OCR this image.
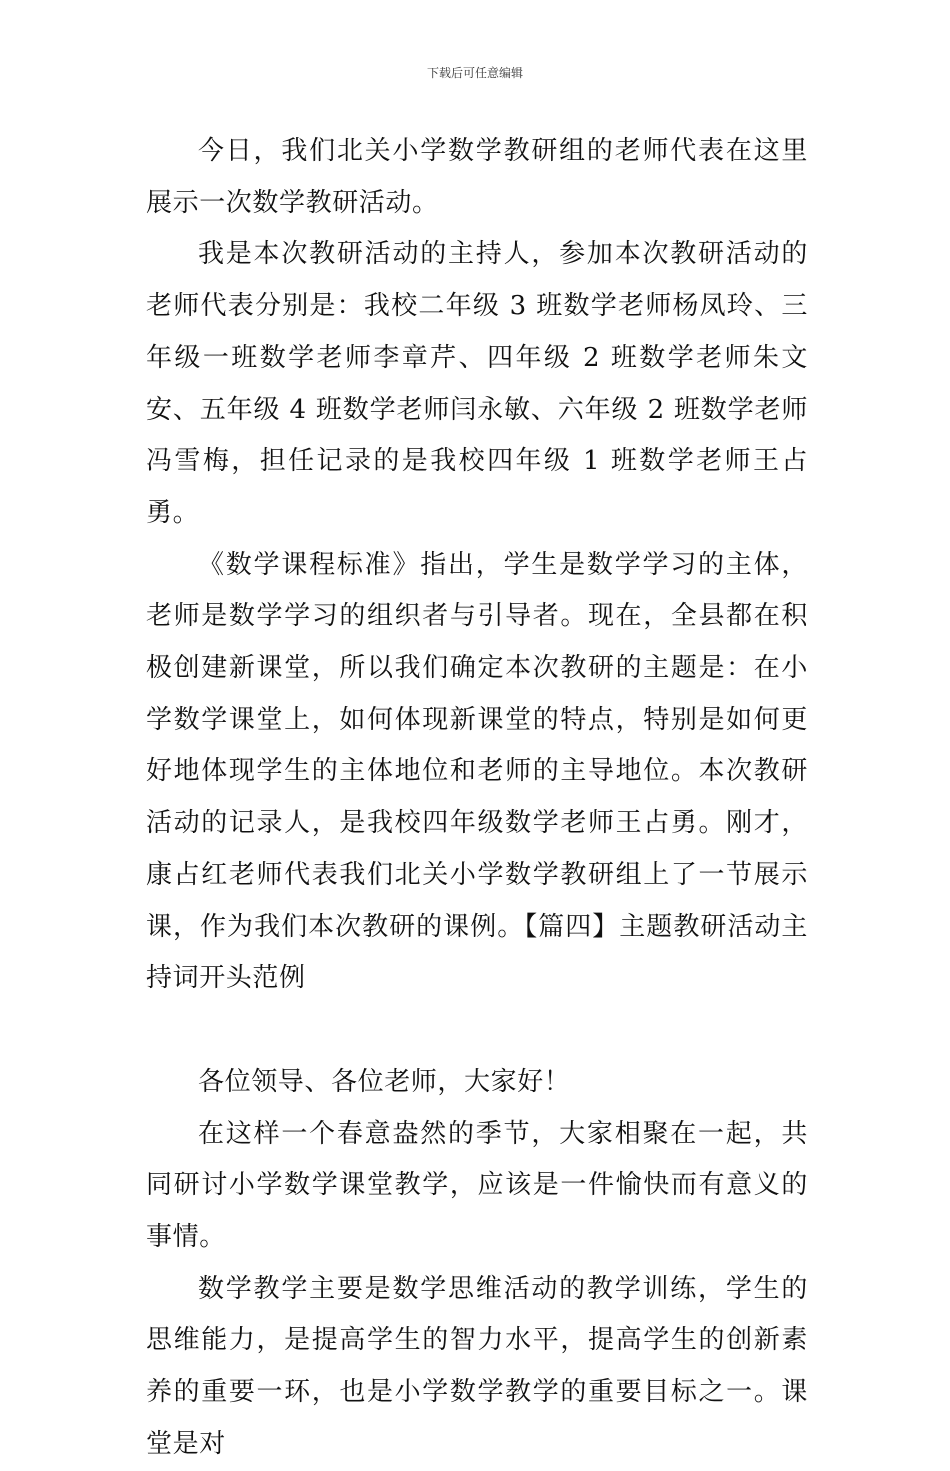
下载后可任意编辑

今日，我们北关小学数学教研组的老师代表在这里展示一次数学教研活动。

我是本次教研活动的主持人，参加本次教研活动的老师代表分别是：我校二年级 3 班数学老师杨凤玲、三年级一班数学老师李章芹、四年级 2 班数学老师朱文安、五年级 4 班数学老师闫永敏、六年级 2 班数学老师冯雪梅，担任记录的是我校四年级 1 班数学老师王占勇。

《数学课程标准》指出，学生是数学学习的主体，老师是数学学习的组织者与引导者。现在，全县都在积极创建新课堂，所以我们确定本次教研的主题是：在小学数学课堂上，如何体现新课堂的特点，特别是如何更好地体现学生的主体地位和老师的主导地位。本次教研活动的记录人，是我校四年级数学老师王占勇。刚才，康占红老师代表我们北关小学数学教研组上了一节展示课，作为我们本次教研的课例。【篇四】主题教研活动主持词开头范例

各位领导、各位老师，大家好！

在这样一个春意盎然的季节，大家相聚在一起，共同研讨小学数学课堂教学，应该是一件愉快而有意义的事情。

数学教学主要是数学思维活动的教学训练，学生的思维能力，是提高学生的智力水平，提高学生的创新素养的重要一环，也是小学数学教学的重要目标之一。课堂是对
